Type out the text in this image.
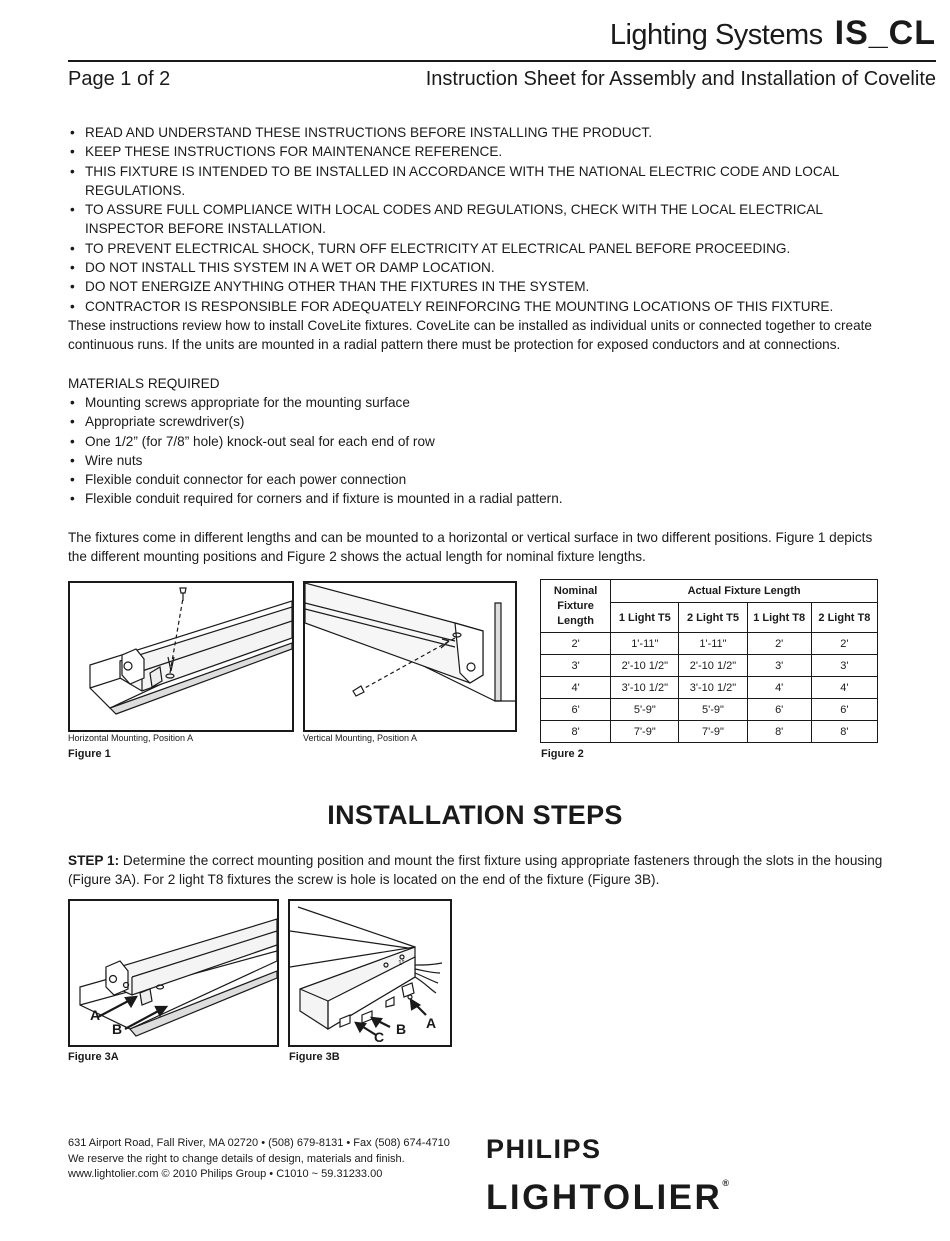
Lighting Systems IS_CL
Page 1 of 2	Instruction Sheet for Assembly and Installation of Covelite
• READ AND UNDERSTAND THESE INSTRUCTIONS BEFORE INSTALLING THE PRODUCT.
• KEEP THESE INSTRUCTIONS FOR MAINTENANCE REFERENCE.
• THIS FIXTURE IS INTENDED TO BE INSTALLED IN ACCORDANCE WITH THE NATIONAL ELECTRIC CODE AND LOCAL REGULATIONS.
• TO ASSURE FULL COMPLIANCE WITH LOCAL CODES AND REGULATIONS, CHECK WITH THE LOCAL ELECTRICAL INSPECTOR BEFORE INSTALLATION.
• TO PREVENT ELECTRICAL SHOCK, TURN OFF ELECTRICITY AT ELECTRICAL PANEL BEFORE PROCEEDING.
• DO NOT INSTALL THIS SYSTEM IN A WET OR DAMP LOCATION.
• DO NOT ENERGIZE ANYTHING OTHER THAN THE FIXTURES IN THE SYSTEM.
• CONTRACTOR IS RESPONSIBLE FOR ADEQUATELY REINFORCING THE MOUNTING LOCATIONS OF THIS FIXTURE.
These instructions review how to install CoveLite fixtures. CoveLite can be installed as individual units or connected together to create continuous runs. If the units are mounted in a radial pattern there must be protection for exposed conductors and at connections.
MATERIALS REQUIRED
• Mounting screws appropriate for the mounting surface
• Appropriate screwdriver(s)
• One 1/2” (for 7/8” hole) knock-out seal for each end of row
• Wire nuts
• Flexible conduit connector for each power connection
• Flexible conduit required for corners and if fixture is mounted in a radial pattern.
The fixtures come in different lengths and can be mounted to a horizontal or vertical surface in two different positions. Figure 1 depicts the different mounting positions and Figure 2 shows the actual length for nominal fixture lengths.
Horizontal Mounting, Position A
Figure 1
Vertical Mounting, Position A
Nominal Fixture Length	Actual Fixture Length			
	1 Light T5	2 Light T5	1 Light T8	2 Light T8
2'	1'-11"	1'-11"	2'	2'
3'	2'-10 1/2"	2'-10 1/2"	3'	3'
4'	3'-10 1/2"	3'-10 1/2"	4'	4'
6'	5'-9"	5'-9"	6'	6'
8'	7'-9"	7'-9"	8'	8'
Figure 2
INSTALLATION STEPS
STEP 1: Determine the correct mounting position and mount the first fixture using appropriate fasteners through the slots in the housing (Figure 3A). For 2 light T8 fixtures the screw is hole is located on the end of the fixture (Figure 3B).
A
B
Figure 3A
1"
A
B
C
Figure 3B
631 Airport Road, Fall River, MA 02720 • (508) 679-8131 • Fax (508) 674-4710
We reserve the right to change details of design, materials and finish.
www.lightolier.com © 2010 Philips Group • C1010 ~ 59.31233.00
PHILIPS
LIGHTOLIER®
